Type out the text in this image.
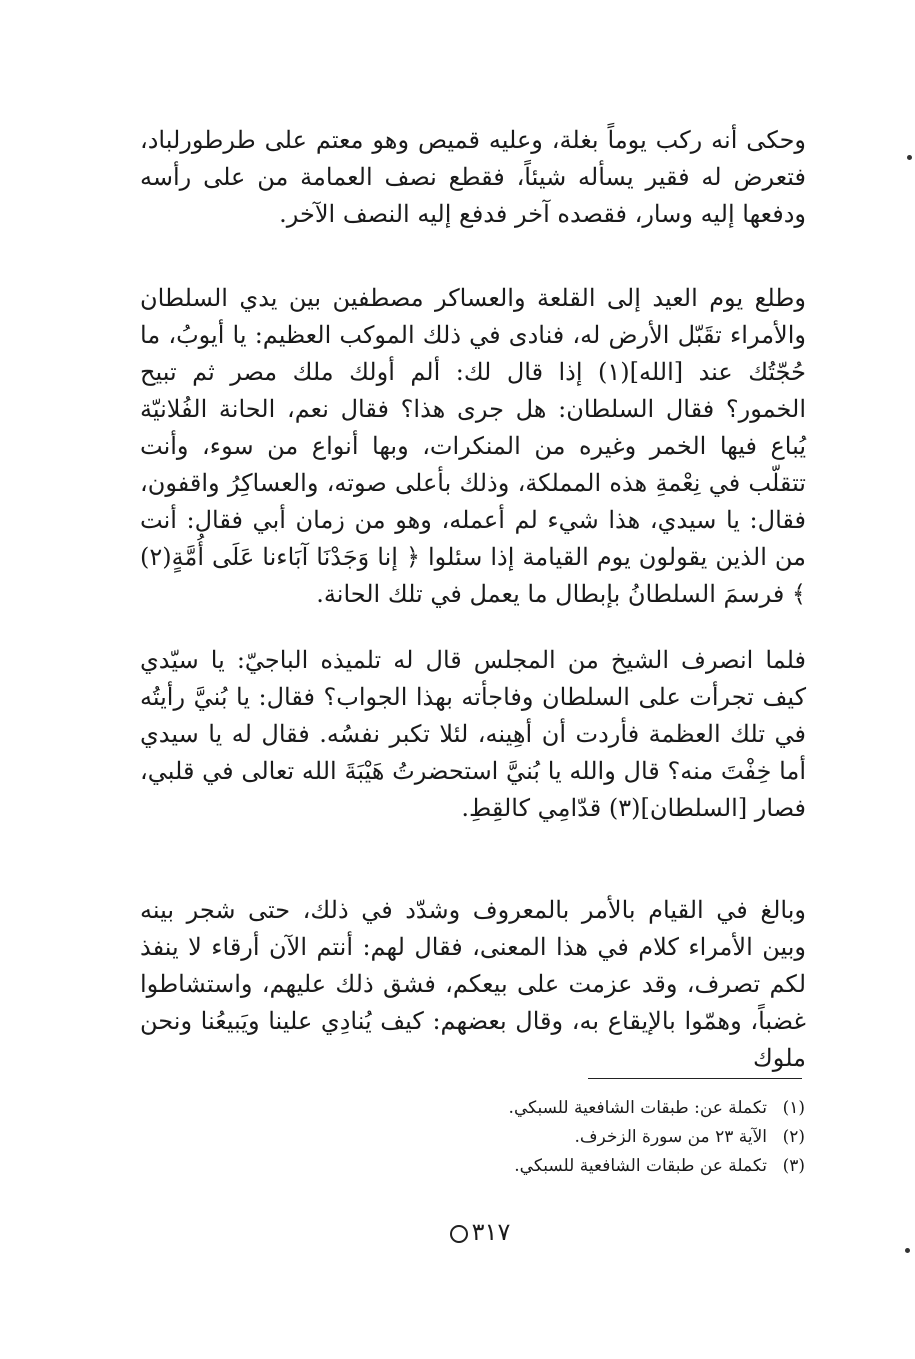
وحكى أنه ركب يوماً بغلة، وعليه قميص وهو معتم على طرطورلباد، فتعرض له فقير يسأله شيئاً، فقطع نصف العمامة من على رأسه ودفعها إليه وسار، فقصده آخر فدفع إليه النصف الآخر.

وطلع يوم العيد إلى القلعة والعساكر مصطفين بين يدي السلطان والأمراء تقَبّل الأرض له، فنادى في ذلك الموكب العظيم: يا أيوبُ، ما حُجّتُك عند [الله](١) إذا قال لك: ألم أولك ملك مصر ثم تبيح الخمور؟ فقال السلطان: هل جرى هذا؟ فقال نعم، الحانة الفُلانيّة يُباع فيها الخمر وغيره من المنكرات، وبها أنواع من سوء، وأنت تتقلّب في نِعْمةِ هذه المملكة، وذلك بأعلى صوته، والعساكِرُ واقفون، فقال: يا سيدي، هذا شيء لم أعمله، وهو من زمان أبي فقال: أنت من الذين يقولون يوم القيامة إذا سئلوا ﴿ إنا وَجَدْنَا آبَاءنا عَلَى أُمَّةٍ(٢) ﴾ فرسمَ السلطانُ بإبطال ما يعمل في تلك الحانة.

فلما انصرف الشيخ من المجلس قال له تلميذه الباجيّ: يا سيّدي كيف تجرأت على السلطان وفاجأته بهذا الجواب؟ فقال: يا بُنيَّ رأيتُه في تلك العظمة فأردت أن أهِينه، لئلا تكبر نفسُه. فقال له يا سيدي أما خِفْتَ منه؟ قال والله يا بُنيَّ استحضرتُ هَيْبَةَ الله تعالى في قلبي، فصار [السلطان](٣) قدّامِي كالقِطِ.

وبالغ في القيام بالأمر بالمعروف وشدّد في ذلك، حتى شجر بينه وبين الأمراء كلام في هذا المعنى، فقال لهم: أنتم الآن أرقاء لا ينفذ لكم تصرف، وقد عزمت على بيعكم، فشق ذلك عليهم، واستشاطوا غضباً، وهمّوا بالإيقاع به، وقال بعضهم: كيف يُنادِي علينا ويَبيعُنا ونحن ملوك

(١)
تكملة عن: طبقات الشافعية للسبكي.
(٢)
الآية ٢٣ من سورة الزخرف.
(٣)
تكملة عن طبقات الشافعية للسبكي.
٣١٧
